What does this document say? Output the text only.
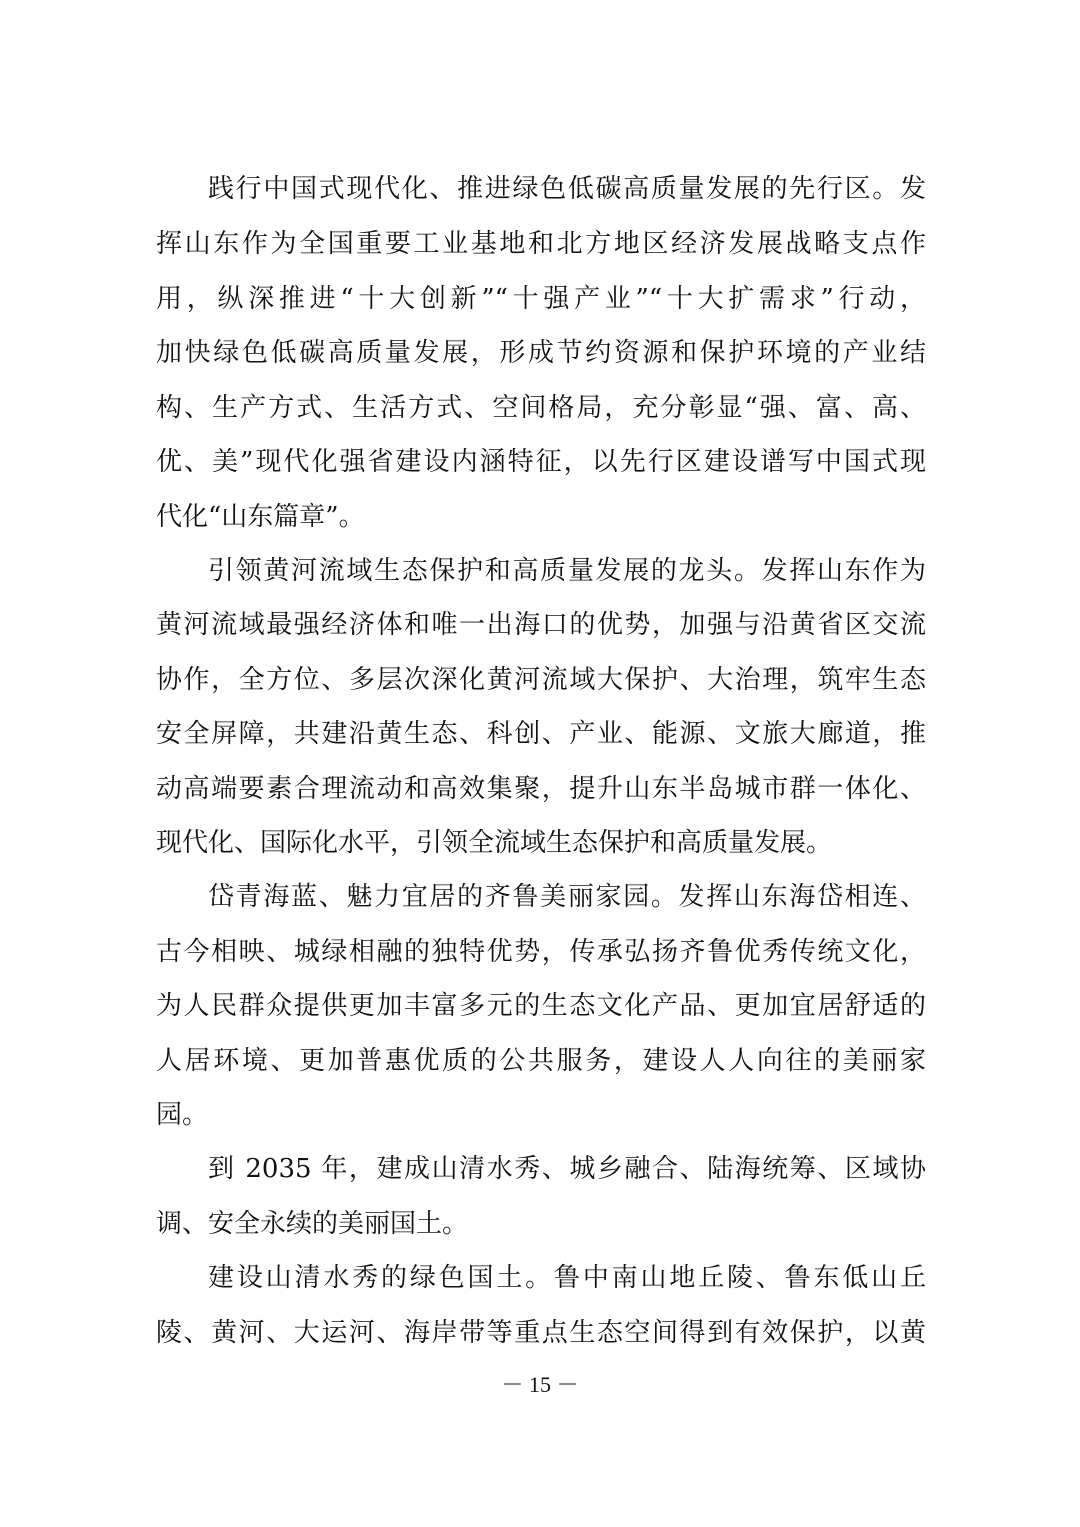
践行中国式现代化、推进绿色低碳高质量发展的先行区。发
挥山东作为全国重要工业基地和北方地区经济发展战略支点作
用，纵深推进“十大创新”“十强产业”“十大扩需求”行动，
加快绿色低碳高质量发展，形成节约资源和保护环境的产业结
构、生产方式、生活方式、空间格局，充分彰显“强、富、高、
优、美”现代化强省建设内涵特征，以先行区建设谱写中国式现
代化“山东篇章”。
引领黄河流域生态保护和高质量发展的龙头。发挥山东作为
黄河流域最强经济体和唯一出海口的优势，加强与沿黄省区交流
协作，全方位、多层次深化黄河流域大保护、大治理，筑牢生态
安全屏障，共建沿黄生态、科创、产业、能源、文旅大廊道，推
动高端要素合理流动和高效集聚，提升山东半岛城市群一体化、
现代化、国际化水平，引领全流域生态保护和高质量发展。
岱青海蓝、魅力宜居的齐鲁美丽家园。发挥山东海岱相连、
古今相映、城绿相融的独特优势，传承弘扬齐鲁优秀传统文化，
为人民群众提供更加丰富多元的生态文化产品、更加宜居舒适的
人居环境、更加普惠优质的公共服务，建设人人向往的美丽家
园。
到 2035 年，建成山清水秀、城乡融合、陆海统筹、区域协
调、安全永续的美丽国土。
建设山清水秀的绿色国土。鲁中南山地丘陵、鲁东低山丘
陵、黄河、大运河、海岸带等重点生态空间得到有效保护，以黄
－ 15 －
